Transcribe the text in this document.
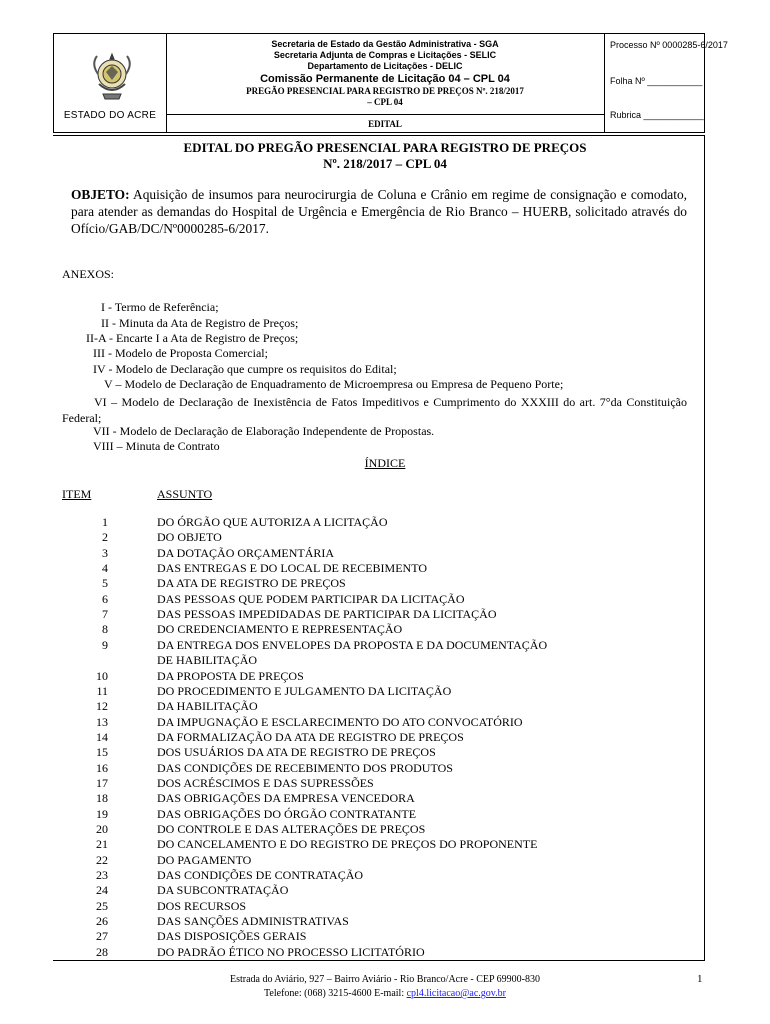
ESTADO DO ACRE
Secretaria de Estado da Gestão Administrativa - SGA
Secretaria Adjunta de Compras e Licitações - SELIC
Departamento de Licitações - DELIC
Comissão Permanente de Licitação 04 – CPL 04
PREGÃO PRESENCIAL PARA REGISTRO DE PREÇOS Nº. 218/2017
– CPL 04
EDITAL
Processo Nº 0000285-6/2017
Folha Nº ___________
Rubrica ____________
EDITAL DO PREGÃO PRESENCIAL PARA REGISTRO DE PREÇOS
Nº. 218/2017 – CPL 04
OBJETO: Aquisição de insumos para neurocirurgia de Coluna e Crânio em regime de consignação e comodato, para atender as demandas do Hospital de Urgência e Emergência de Rio Branco – HUERB, solicitado através do Ofício/GAB/DC/Nº0000285-6/2017.
ANEXOS:
I - Termo de Referência;
II - Minuta da Ata de Registro de Preços;
II-A - Encarte I a Ata de Registro de Preços;
III - Modelo de Proposta Comercial;
IV - Modelo de Declaração que cumpre os requisitos do Edital;
V – Modelo de Declaração de Enquadramento de Microempresa ou Empresa de Pequeno Porte;
VI – Modelo de Declaração de Inexistência de Fatos Impeditivos e Cumprimento do XXXIII do art. 7°da Constituição Federal;
VII - Modelo de Declaração de Elaboração Independente de Propostas.
VIII – Minuta de Contrato
ÍNDICE
ITEM	ASSUNTO
1	DO ÓRGÃO QUE AUTORIZA A LICITAÇÃO
2	DO OBJETO
3	DA DOTAÇÃO ORÇAMENTÁRIA
4	DAS ENTREGAS E DO LOCAL DE RECEBIMENTO
5	DA ATA DE REGISTRO DE PREÇOS
6	DAS PESSOAS QUE PODEM PARTICIPAR DA LICITAÇÃO
7	DAS PESSOAS IMPEDIDADAS DE PARTICIPAR DA LICITAÇÃO
8	DO CREDENCIAMENTO E REPRESENTAÇÃO
9	DA ENTREGA DOS ENVELOPES DA PROPOSTA E DA DOCUMENTAÇÃO
DE HABILITAÇÃO
10	DA PROPOSTA DE PREÇOS
11	DO PROCEDIMENTO E JULGAMENTO DA LICITAÇÃO
12	DA HABILITAÇÃO
13	DA IMPUGNAÇÃO E ESCLARECIMENTO DO ATO CONVOCATÓRIO
14	DA FORMALIZAÇÃO DA ATA DE REGISTRO DE PREÇOS
15	DOS USUÁRIOS DA ATA DE REGISTRO DE PREÇOS
16	DAS CONDIÇÕES DE RECEBIMENTO DOS PRODUTOS
17	DOS ACRÉSCIMOS E DAS SUPRESSÕES
18	DAS OBRIGAÇÕES DA EMPRESA VENCEDORA
19	DAS OBRIGAÇÕES DO ÓRGÃO CONTRATANTE
20	DO CONTROLE E DAS ALTERAÇÕES DE PREÇOS
21	DO CANCELAMENTO E DO REGISTRO DE PREÇOS DO PROPONENTE
22	DO PAGAMENTO
23	DAS CONDIÇÕES DE CONTRATAÇÃO
24	DA SUBCONTRATAÇÃO
25	DOS RECURSOS
26	DAS SANÇÕES ADMINISTRATIVAS
27	DAS DISPOSIÇÕES GERAIS
28	DO PADRÃO ÉTICO NO PROCESSO LICITATÓRIO
Estrada do Aviário, 927 – Bairro Aviário - Rio Branco/Acre - CEP 69900-830
Telefone: (068) 3215-4600 E-mail: cpl4.licitacao@ac.gov.br
1
